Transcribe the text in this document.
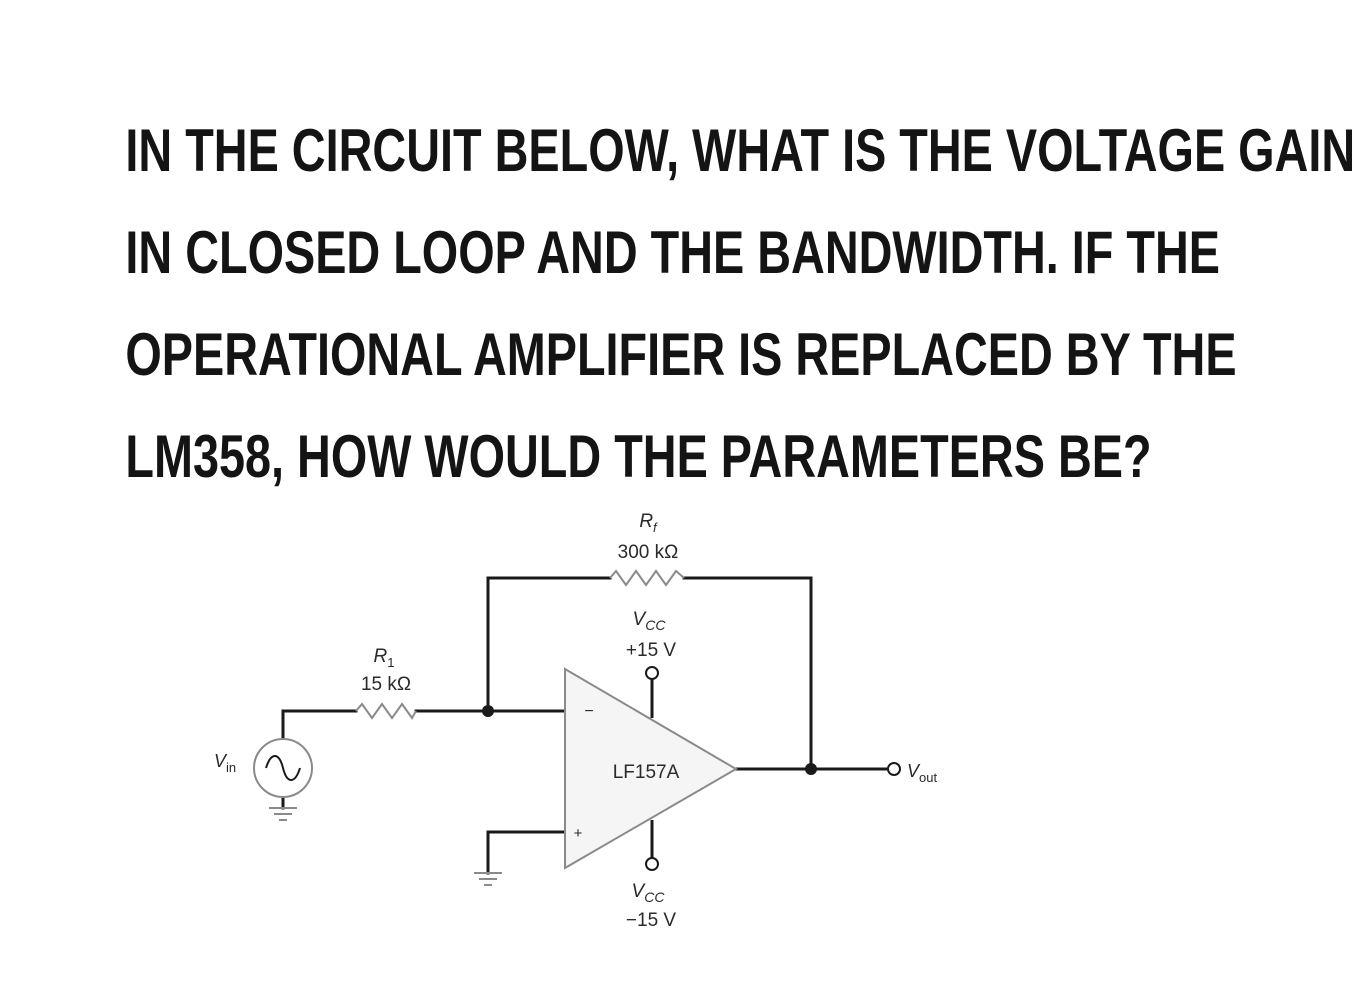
IN THE CIRCUIT BELOW, WHAT IS THE VOLTAGE GAIN
IN CLOSED LOOP AND THE BANDWIDTH. IF THE
OPERATIONAL AMPLIFIER IS REPLACED BY THE
LM358, HOW WOULD THE PARAMETERS BE?
LF157A
−
+
$R_f$
300 kΩ
$R_1$
15 kΩ
$V_{CC}$
+15 V
$V_{CC}$
−15 V
$V_{in}$	$V_{out}$
